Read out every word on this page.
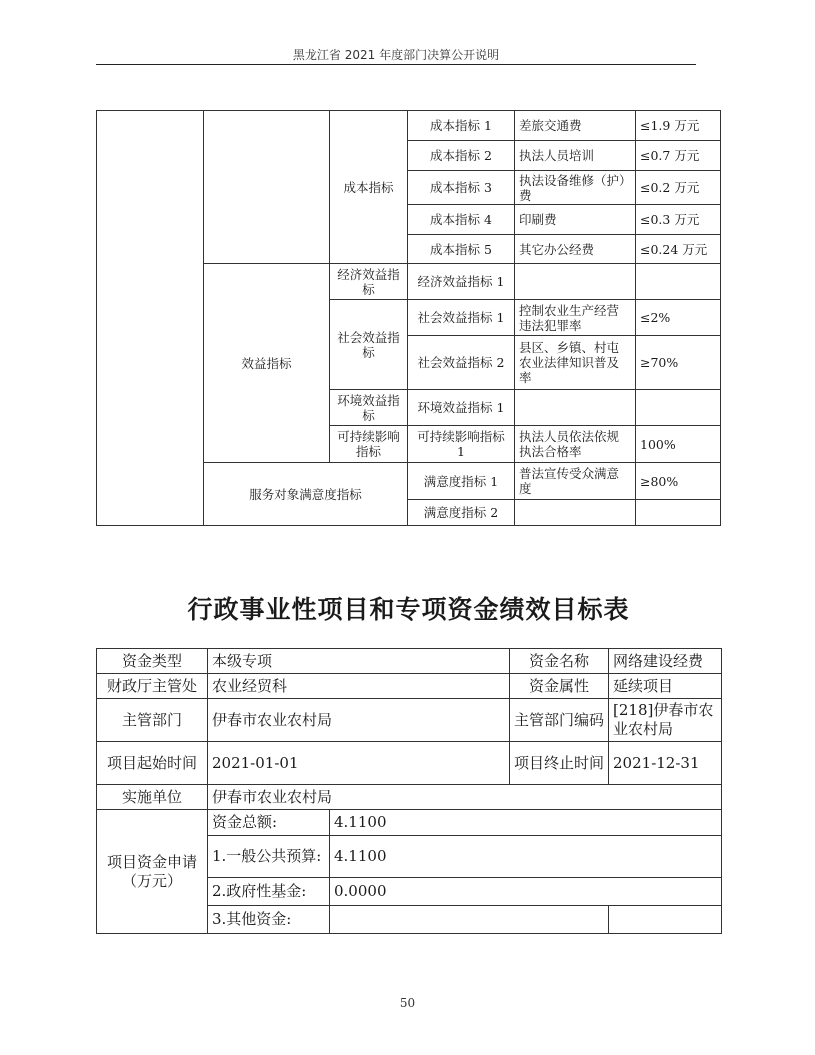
黑龙江省 2021 年度部门决算公开说明
		成本指标	成本指标 1	差旅交通费	≤1.9 万元
			成本指标 2	执法人员培训	≤0.7 万元
			成本指标 3	执法设备维修（护）费	≤0.2 万元
			成本指标 4	印刷费	≤0.3 万元
			成本指标 5	其它办公经费	≤0.24 万元
	效益指标	经济效益指标	经济效益指标 1		
		社会效益指标	社会效益指标 1	控制农业生产经营违法犯罪率	≤2%
			社会效益指标 2	县区、乡镇、村屯农业法律知识普及率	≥70%

		环境效益指标	环境效益指标 1		
		可持续影响指标	可持续影响指标 1	执法人员依法依规执法合格率	100%
	服务对象满意度指标		满意度指标 1	普法宣传受众满意度	≥80%

			满意度指标 2		
行政事业性项目和专项资金绩效目标表
资金类型	本级专项		资金名称	网络建设经费
财政厅主管处	农业经贸科		资金属性	延续项目
主管部门	伊春市农业农村局		主管部门编码	[218]伊春市农业农村局
项目起始时间	2021-01-01		项目终止时间	2021-12-31
实施单位	伊春市农业农村局			
项目资金申请（万元）	资金总额:	4.1100		
	1.一般公共预算:	4.1100		
	2.政府性基金:	0.0000		
	3.其他资金:			
50
